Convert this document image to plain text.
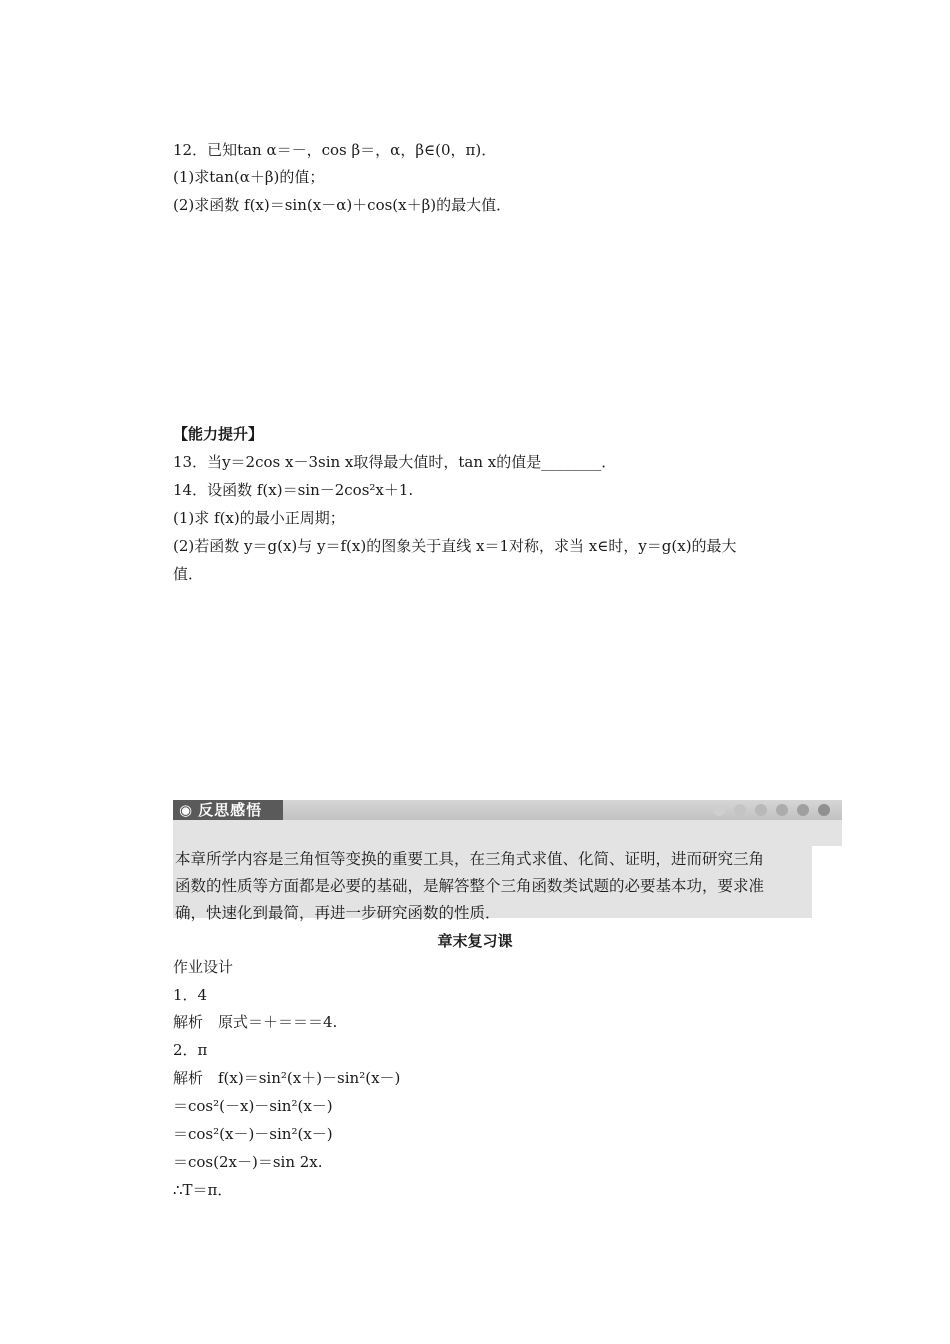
12．已知tan α＝－，cos β＝，α，β∈(0，π)．
(1)求tan(α＋β)的值；
(2)求函数 f(x)＝sin(x－α)＋cos(x＋β)的最大值．
【能力提升】
13．当y＝2cos x－3sin x取得最大值时，tan x的值是________．
14．设函数 f(x)＝sin－2cos²x＋1.
(1)求 f(x)的最小正周期；
(2)若函数 y＝g(x)与 y＝f(x)的图象关于直线 x＝1对称，求当 x∈时，y＝g(x)的最大
值．
◉ 反思感悟
本章所学内容是三角恒等变换的重要工具，在三角式求值、化简、证明，进而研究三角
函数的性质等方面都是必要的基础，是解答整个三角函数类试题的必要基本功，要求准
确，快速化到最简，再进一步研究函数的性质．
章末复习课
作业设计
1．4
解析　原式＝＋＝＝＝4.
2．π
解析　f(x)＝sin²(x＋)－sin²(x－)
＝cos²(－x)－sin²(x－)
＝cos²(x－)－sin²(x－)
＝cos(2x－)＝sin 2x.
∴T＝π．
